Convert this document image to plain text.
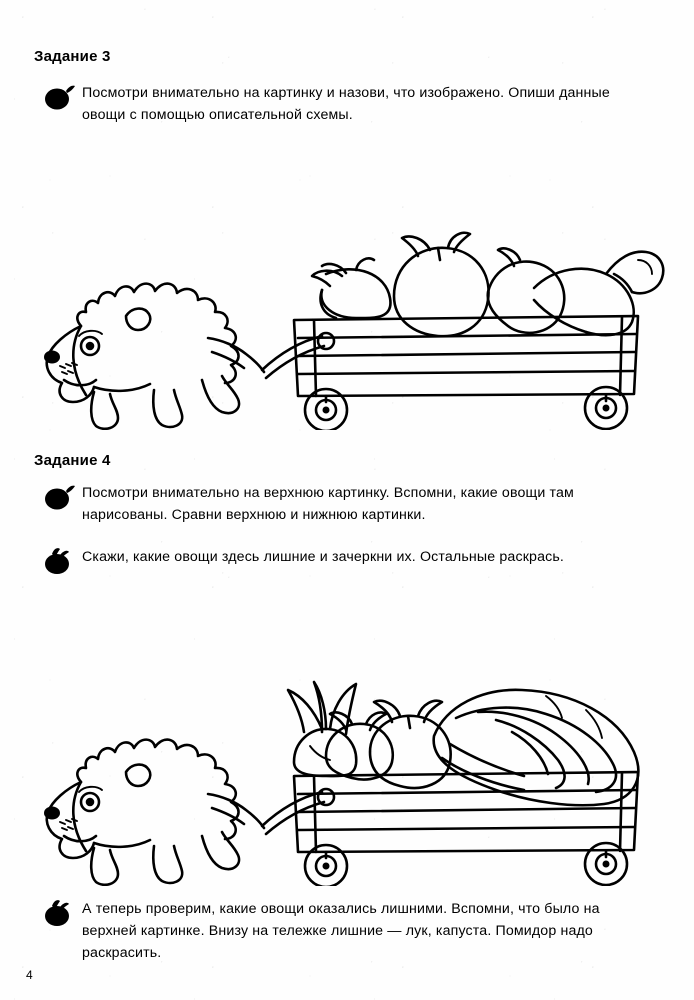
Задание 3
Посмотри внимательно на картинку и назови, что изображено. Опиши данные овощи с помощью описательной схемы.
Задание 4
Посмотри внимательно на верхнюю картинку. Вспомни, какие овощи там нарисованы. Сравни верхнюю и нижнюю картинки.
Скажи, какие овощи здесь лишние и зачеркни их. Остальные раскрась.
А теперь проверим, какие овощи оказались лишними. Вспомни, что было на верхней картинке. Внизу на тележке лишние — лук, капуста. Помидор надо раскрасить.
4
